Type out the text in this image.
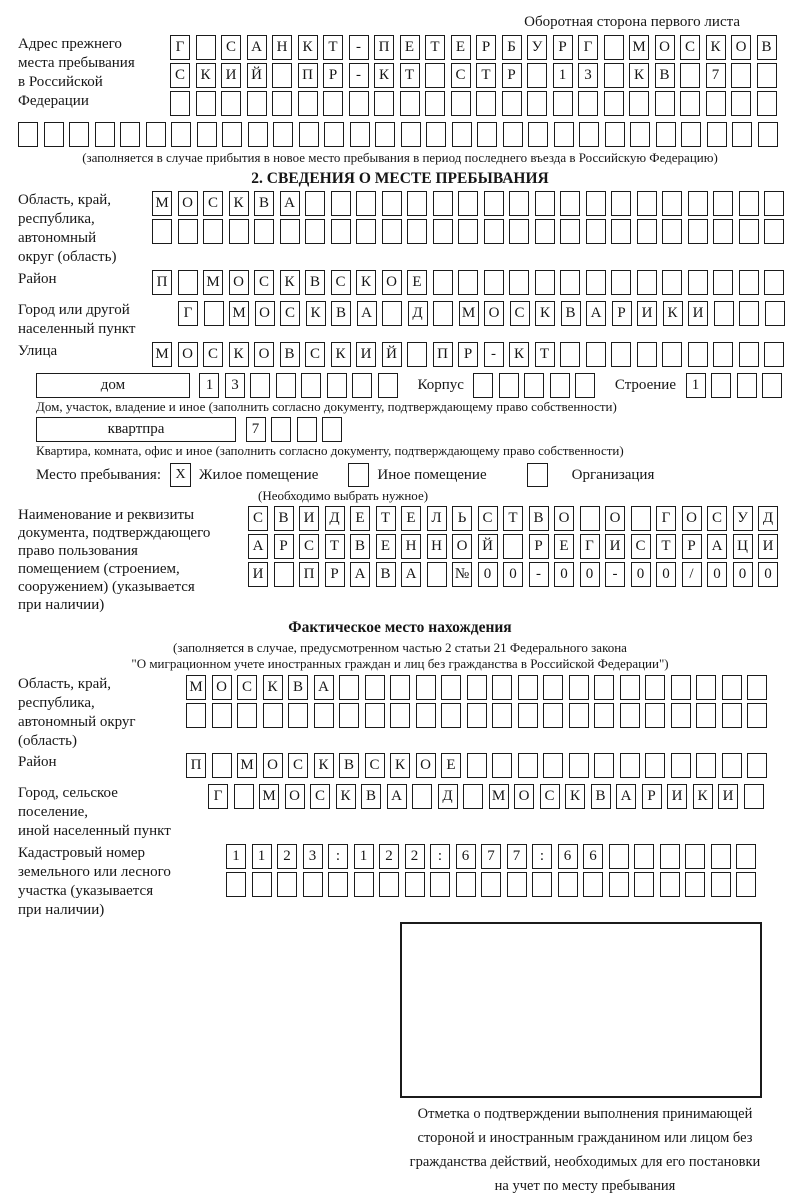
Оборотная сторона первого листа
Адрес прежнего
места пребывания
в Российской
Федерации
Г	С	А Н	К	Т	-	П	Е	Т	Е	Р	Б	У	Р	Г	М О	С	К	О	В
С	К	И Й	П	Р	-	К	Т	С	Т	Р	1	3	К	В	7
(заполняется в случае прибытия в новое место пребывания в период последнего въезда в Российскую Федерацию)
2. СВЕДЕНИЯ О МЕСТЕ ПРЕБЫВАНИЯ
Область, край,
республика,
автономный
округ (область)
М О	С	К	В	А
Район	П	М О	С	К	В	С	К	О	Е
Город или другой
населенный пункт
Г	М О	С	К	В	А	Д	М О	С	К	В	А	Р	И	К	И
Улица	М О	С	К	О	В	С	К	И Й	П	Р	-	К	Т
дом	1	3	Корпус	Строение	1
Дом, участок, владение и иное (заполнить согласно документу, подтверждающему право собственности)
квартпра	7
Квартира, комната, офис и иное (заполнить согласно документу, подтверждающему право собственности)
Место пребывания:	X Жилое помещение	Иное помещение	Организация
(Необходимо выбрать нужное)
Наименование и реквизиты
документа, подтверждающего
право пользования
помещением (строением,
сооружением) (указывается
при наличии)
С	В	И Д	Е	Т	Е	Л	Ь	С	Т	В	О	О	Г	О	С	У	Д
А	Р	С	Т	В	Е	Н Н О Й	Р	Е	Г	И	С	Т	Р	А Ц И
И	П	Р	А	В	А	№ 0	0	-	0	0	-	0	0	/	0	0	0
Фактическое место нахождения
(заполняется в случае, предусмотренном частью 2 статьи 21 Федерального закона
"О миграционном учете иностранных граждан и лиц без гражданства в Российской Федерации")
Область, край,
республика,
автономный округ
(область)
М О	С	К	В	А
Район	П	М О	С	К	В	С	К	О	Е
Город, сельское поселение,
иной населенный пункт
Г	М О	С	К	В	А	Д	М О	С	К	В	А	Р	И	К	И
Кадастровый номер
земельного или лесного
участка (указывается
при наличии)
1	1	2	3	:	1	2	2	:	6	7	7	:	6	6
Отметка о подтверждении выполнения принимающей
стороной и иностранным гражданином или лицом без
гражданства действий, необходимых для его постановки
на учет по месту пребывания
